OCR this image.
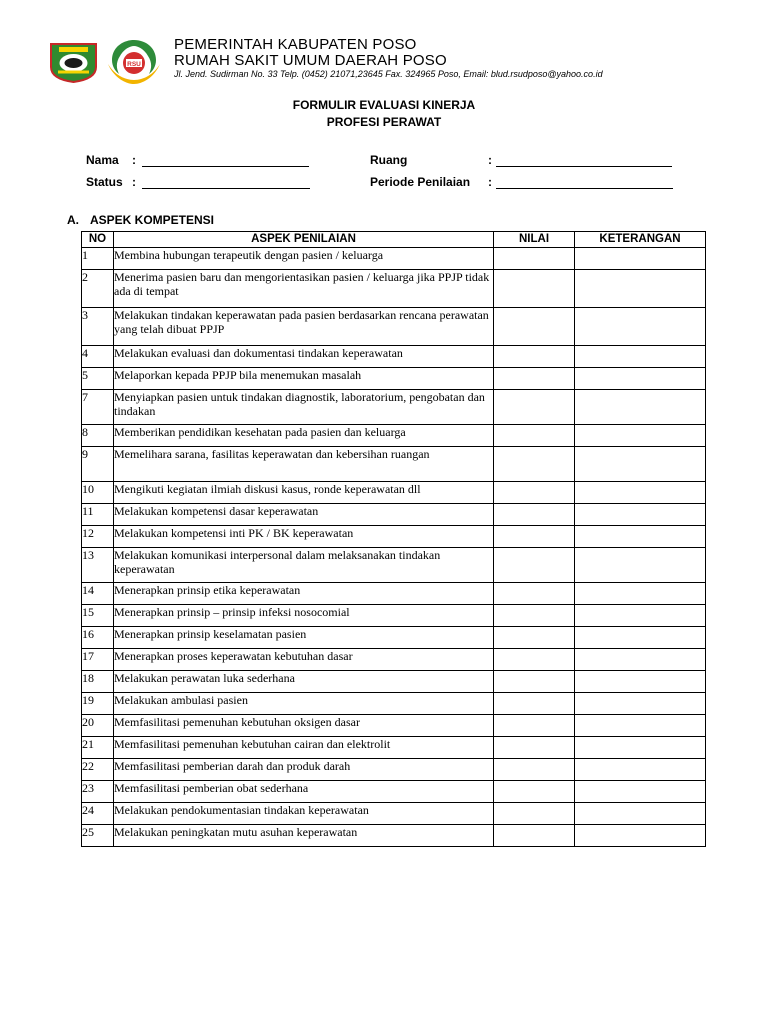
RSU
PEMERINTAH KABUPATEN POSO
RUMAH SAKIT UMUM DAERAH POSO
Jl. Jend. Sudirman No. 33 Telp. (0452) 21071,23645 Fax. 324965 Poso, Email: blud.rsudposo@yahoo.co.id
FORMULIR EVALUASI KINERJA
PROFESI PERAWAT
Nama :
Status :
Ruang	:
Periode Penilaian :
A. ASPEK KOMPETENSI
NO	ASPEK PENILAIAN	NILAI	KETERANGAN
1	Membina hubungan terapeutik dengan pasien / keluarga		
2	Menerima pasien baru dan mengorientasikan pasien / keluarga jika PPJP tidak ada di tempat		
3	Melakukan tindakan keperawatan pada pasien berdasarkan rencana perawatan yang telah dibuat PPJP		
4	Melakukan evaluasi dan dokumentasi tindakan keperawatan		
5	Melaporkan kepada PPJP bila menemukan masalah		
7	Menyiapkan pasien untuk tindakan diagnostik, laboratorium, pengobatan dan tindakan		
8	Memberikan pendidikan kesehatan pada pasien dan keluarga		
9	Memelihara sarana, fasilitas keperawatan dan kebersihan ruangan		
10	Mengikuti kegiatan ilmiah diskusi kasus, ronde keperawatan dll		
11	Melakukan kompetensi dasar keperawatan		
12	Melakukan kompetensi inti PK / BK keperawatan		
13	Melakukan komunikasi interpersonal dalam melaksanakan tindakan keperawatan		
14	Menerapkan prinsip etika keperawatan		
15	Menerapkan prinsip – prinsip infeksi nosocomial		
16	Menerapkan prinsip keselamatan pasien		
17	Menerapkan proses keperawatan kebutuhan dasar		
18	Melakukan perawatan luka sederhana		
19	Melakukan ambulasi pasien		
20	Memfasilitasi pemenuhan kebutuhan oksigen dasar		
21	Memfasilitasi pemenuhan kebutuhan cairan dan elektrolit		
22	Memfasilitasi pemberian darah dan produk darah		
23	Memfasilitasi pemberian obat sederhana		
24	Melakukan pendokumentasian tindakan keperawatan		
25	Melakukan peningkatan mutu asuhan keperawatan		
